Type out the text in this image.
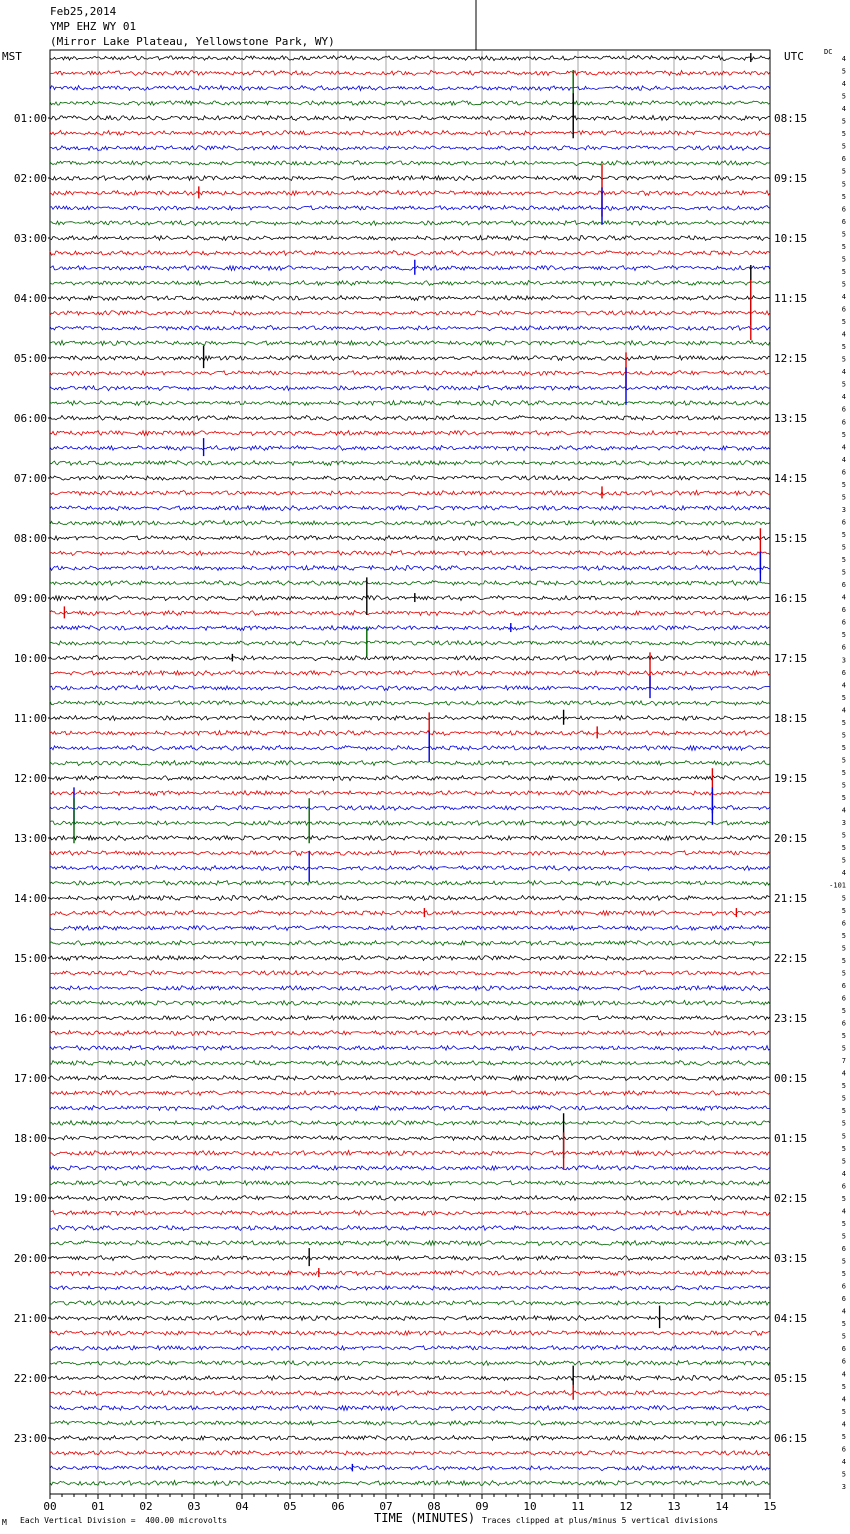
Feb25,2014
YMP EHZ WY 01
(Mirror Lake Plateau, Yellowstone Park, WY)
MST	UTC	DC
01:00
02:00
03:00
04:00
05:00
06:00
07:00
08:00
09:00
10:00
11:00
12:00
13:00
14:00
15:00
16:00
17:00
18:00
19:00
20:00
21:00
22:00
23:00
08:15
09:15
10:15
11:15
12:15
13:15
14:15
15:15
16:15
17:15
18:15
19:15
20:15
21:15
22:15
23:15
00:15
01:15
02:15
03:15
04:15
05:15
06:15
4
5
4
5
4
5
5
5
6
5
5
5
6
6
5
5
5
5
5
4
6
5
4
5
5
4
5
4
6
6
5
4
4
6
5
5
3
6
5
5
5
5
6
4
6
6
5
6
3
6
4
5
4
5
5
5
5
5
5
5
4
3
5
5
5
4
-101
5
5
6
5
5
5
5
6
6
5
6
5
5
7
4
5
5
5
5
5
5
5
4
6
5
4
5
5
6
5
5
6
6
4
5
5
6
6
4
5
4
5
4
5
6
4
5
3
00	01	02	03	04	05	06	07	08	09	10	11	12	13	14	15
TIME (MINUTES)
Each Vertical Division =  400.00 microvolts	Traces clipped at plus/minus 5 vertical divisions
M
